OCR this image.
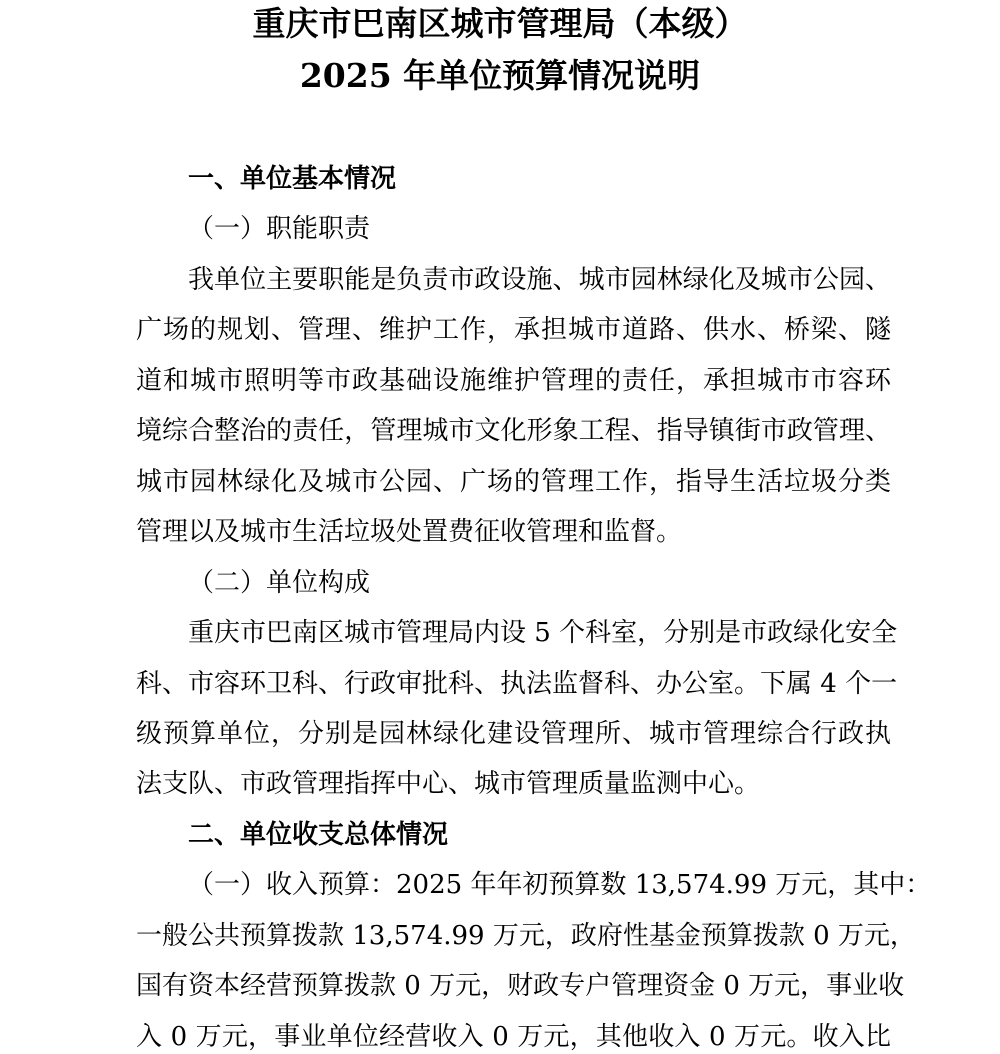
重庆市巴南区城市管理局（本级）
2025 年单位预算情况说明

一、单位基本情况

（一）职能职责

我单位主要职能是负责市政设施、城市园林绿化及城市公园、

广场的规划、管理、维护工作，承担城市道路、供水、桥梁、隧

道和城市照明等市政基础设施维护管理的责任，承担城市市容环

境综合整治的责任，管理城市文化形象工程、指导镇街市政管理、

城市园林绿化及城市公园、广场的管理工作，指导生活垃圾分类

管理以及城市生活垃圾处置费征收管理和监督。

（二）单位构成

重庆市巴南区城市管理局内设 5 个科室，分别是市政绿化安全

科、市容环卫科、行政审批科、执法监督科、办公室。下属 4 个一

级预算单位，分别是园林绿化建设管理所、城市管理综合行政执

法支队、市政管理指挥中心、城市管理质量监测中心。

二、单位收支总体情况

（一）收入预算：2025 年年初预算数 13,574.99 万元，其中：

一般公共预算拨款 13,574.99 万元，政府性基金预算拨款 0 万元，

国有资本经营预算拨款 0 万元，财政专户管理资金 0 万元，事业收

入 0 万元，事业单位经营收入 0 万元，其他收入 0 万元。收入比
